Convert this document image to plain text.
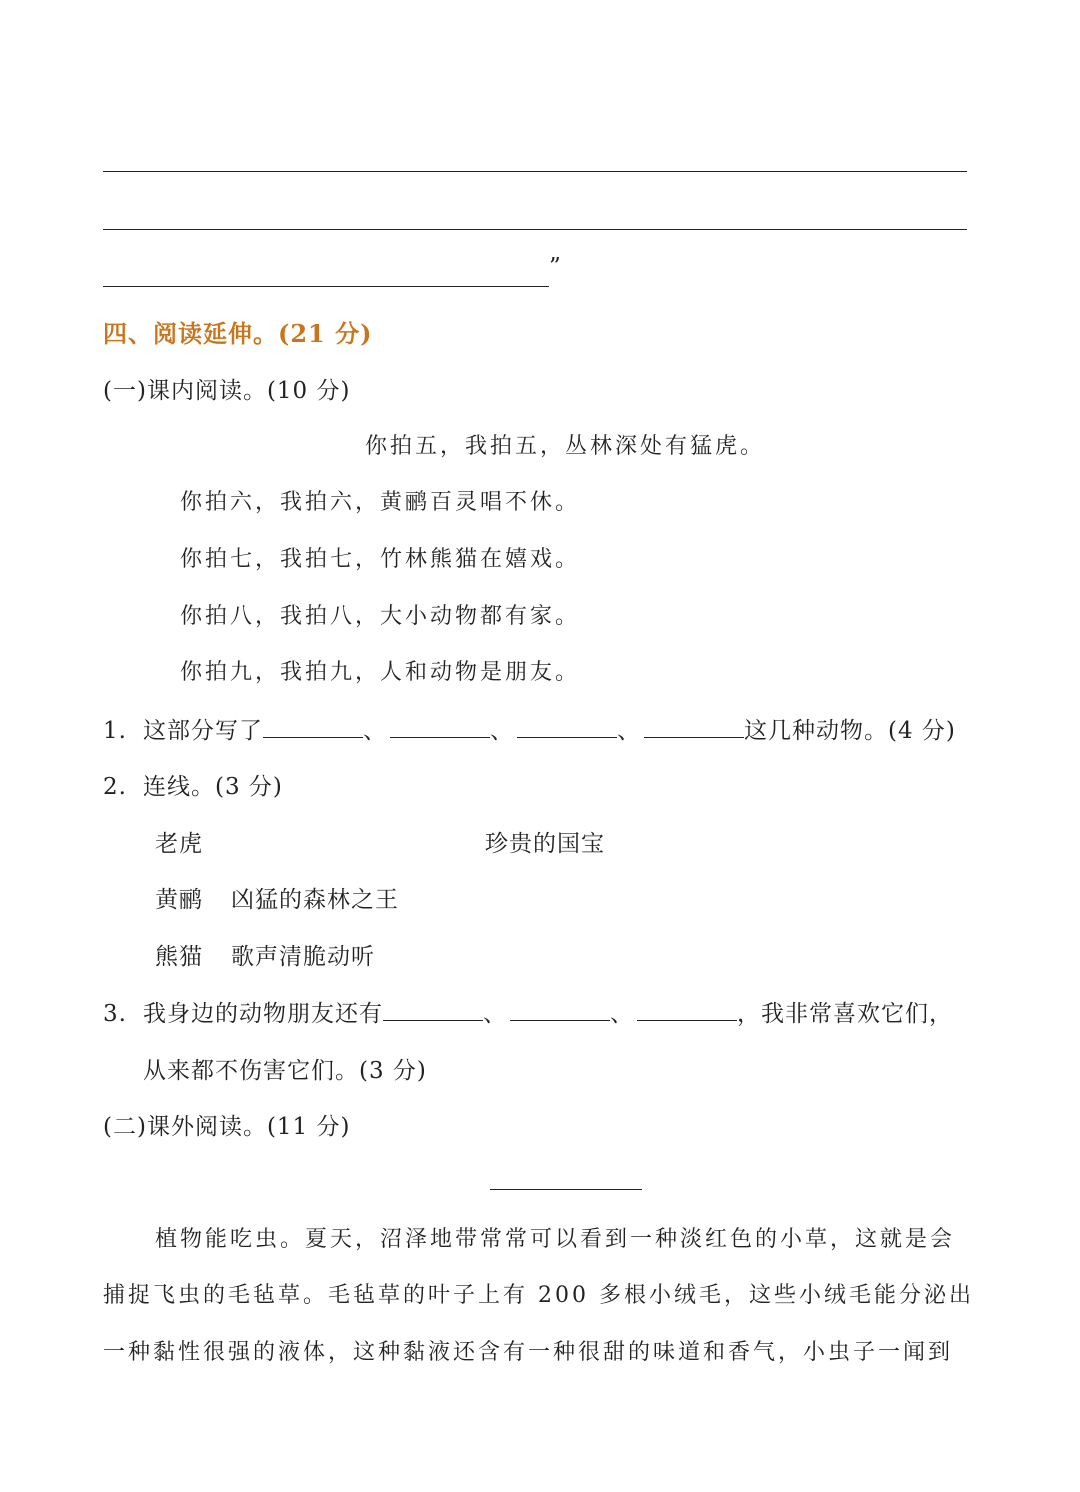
”
四、阅读延伸。(21 分)
(一)课内阅读。(10 分)
你拍五，我拍五，丛林深处有猛虎。
你拍六，我拍六，黄鹂百灵唱不休。
你拍七，我拍七，竹林熊猫在嬉戏。
你拍八，我拍八，大小动物都有家。
你拍九，我拍九，人和动物是朋友。
1. 这部分写了	、	、	、	这几种动物。(4 分)
2. 连线。(3 分)
老虎	珍贵的国宝
黄鹂 凶猛的森林之王
熊猫 歌声清脆动听
3. 我身边的动物朋友还有	、	、	，我非常喜欢它们，
从来都不伤害它们。(3 分)
(二)课外阅读。(11 分)
植物能吃虫。夏天，沼泽地带常常可以看到一种淡红色的小草，这就是会
捕捉飞虫的毛毡草。毛毡草的叶子上有 200 多根小绒毛，这些小绒毛能分泌出
一种黏性很强的液体，这种黏液还含有一种很甜的味道和香气，小虫子一闻到
